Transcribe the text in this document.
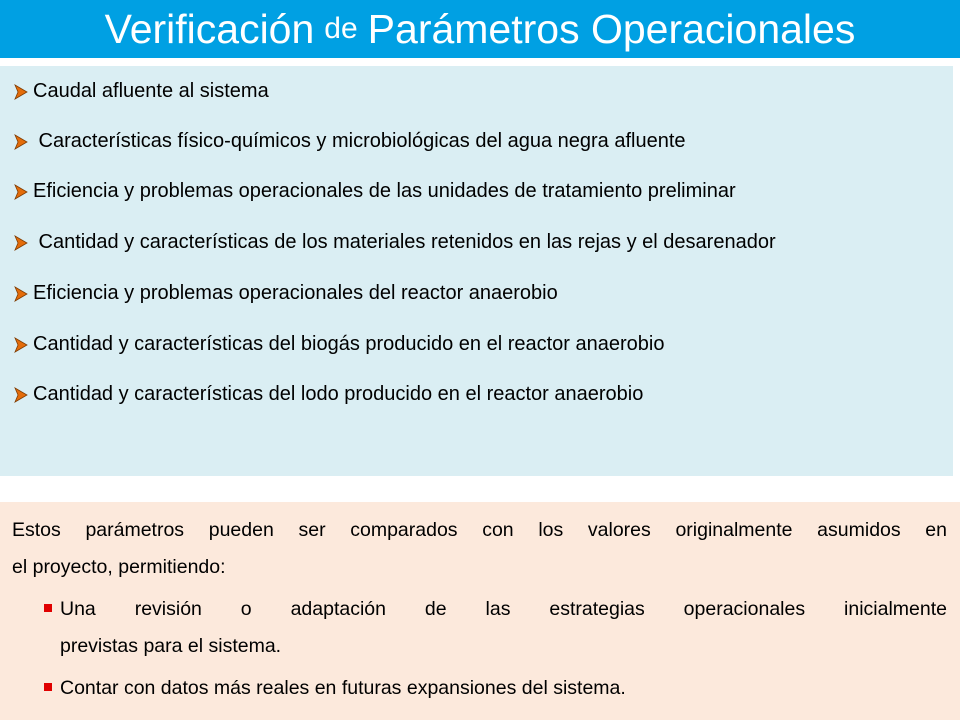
Verificación de Parámetros Operacionales
Caudal afluente al sistema
Características físico-químicos y microbiológicas del agua negra afluente
Eficiencia y problemas operacionales de las unidades de tratamiento preliminar
Cantidad y características de los materiales retenidos en las rejas y el desarenador
Eficiencia y problemas operacionales del reactor anaerobio
Cantidad y características del biogás producido en el reactor anaerobio
Cantidad y características del lodo producido en el reactor anaerobio
Estos parámetros pueden ser comparados con los valores originalmente asumidos en
el proyecto, permitiendo:
Una revisión o adaptación de las estrategias operacionales inicialmente
previstas para el sistema.
Contar con datos más reales en futuras expansiones del sistema.
